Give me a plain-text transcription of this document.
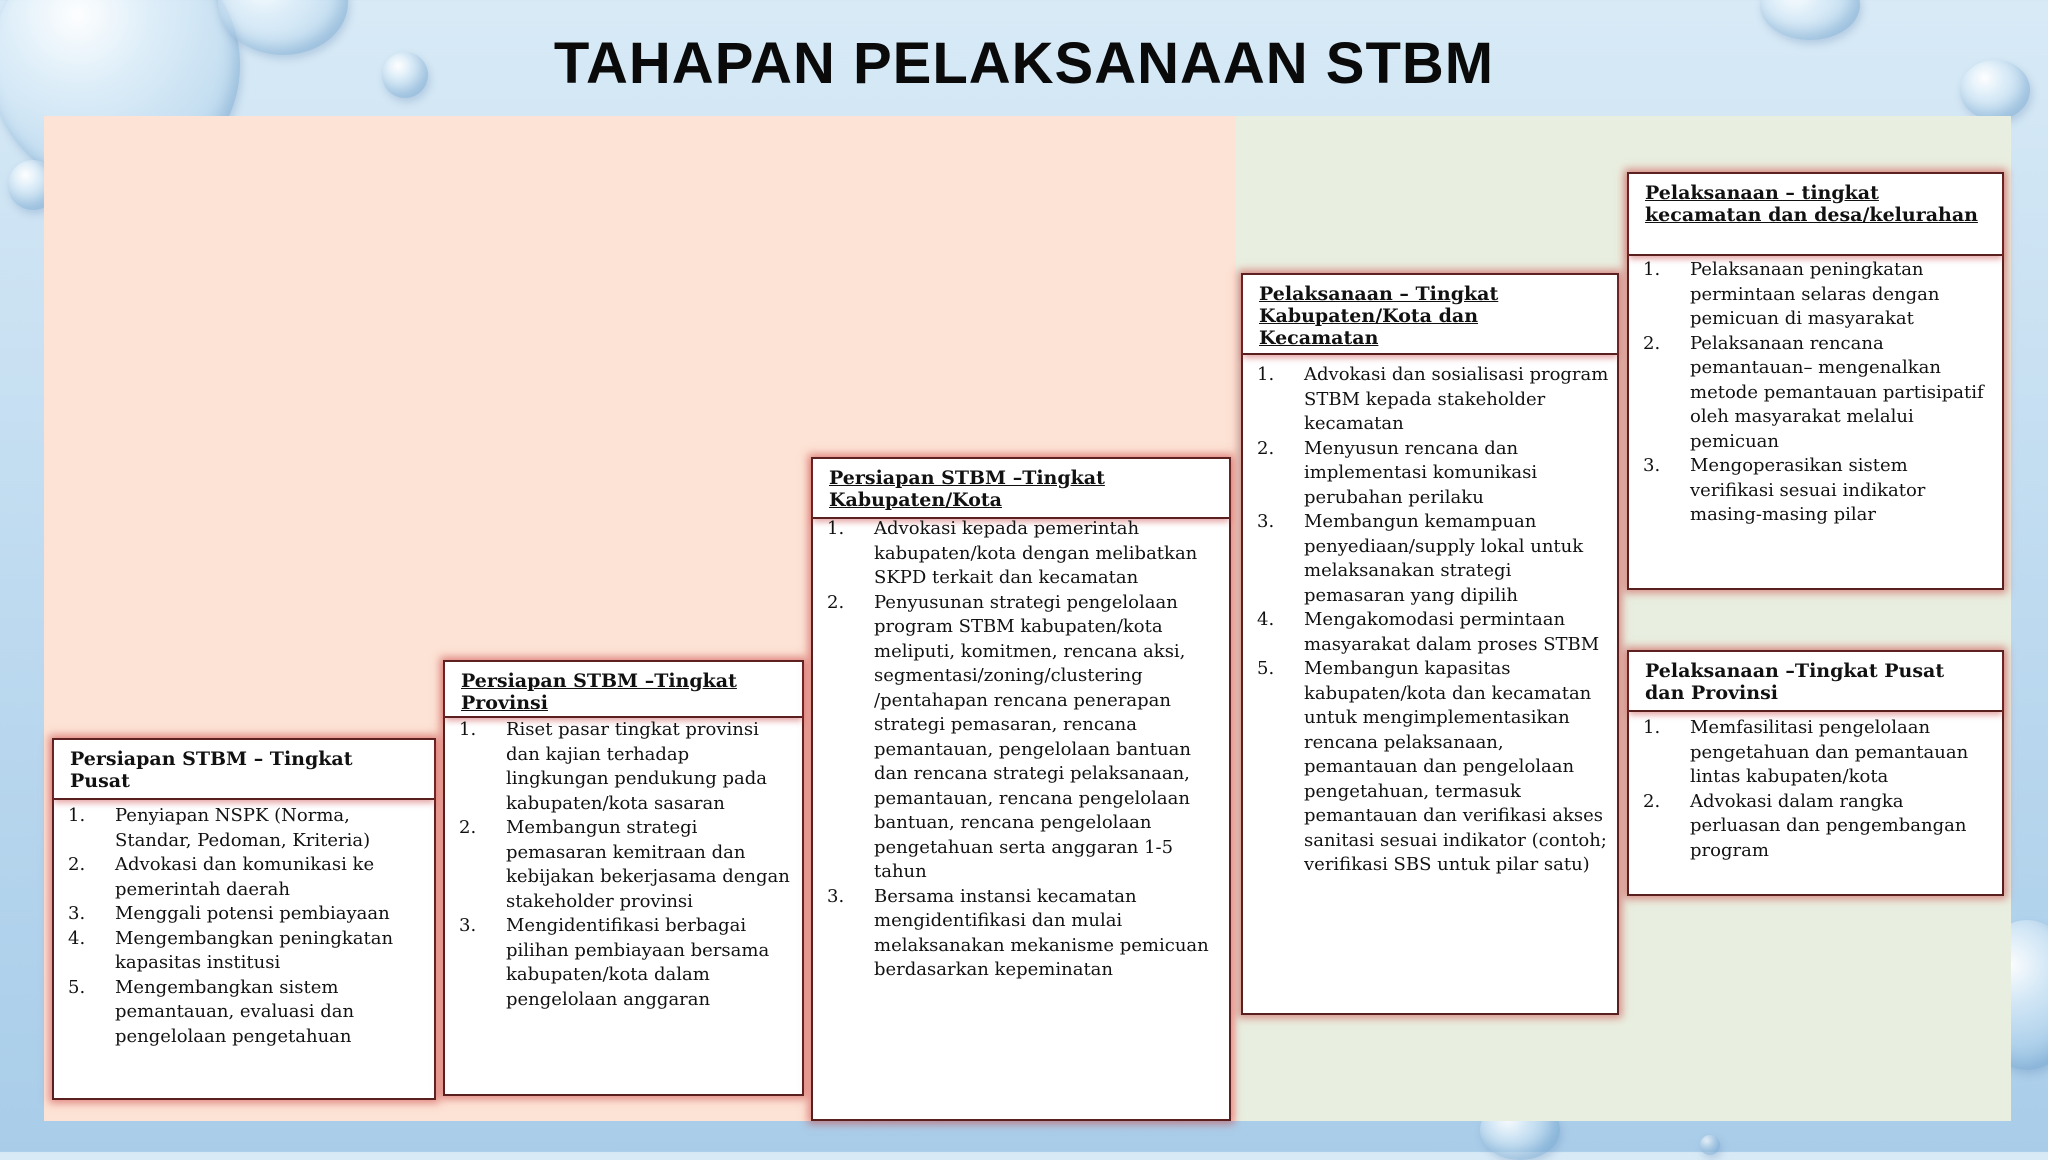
TAHAPAN PELAKSANAAN STBM
Persiapan STBM – Tingkat Pusat
1.	Penyiapan NSPK (Norma, Standar, Pedoman, Kriteria)
2.	Advokasi dan komunikasi ke pemerintah daerah
3.	Menggali potensi pembiayaan
4.	Mengembangkan peningkatan kapasitas institusi
5.	Mengembangkan sistem pemantauan, evaluasi dan pengelolaan pengetahuan
Persiapan STBM –Tingkat Provinsi
1.	Riset pasar tingkat provinsi dan kajian terhadap lingkungan pendukung pada kabupaten/kota sasaran
2.	Membangun strategi pemasaran kemitraan dan kebijakan bekerjasama dengan stakeholder provinsi
3.	Mengidentifikasi berbagai pilihan pembiayaan bersama kabupaten/kota dalam pengelolaan anggaran
Persiapan STBM –Tingkat Kabupaten/Kota
1.	Advokasi kepada pemerintah kabupaten/kota dengan melibatkan SKPD terkait dan kecamatan
2.	Penyusunan strategi pengelolaan program STBM kabupaten/kota meliputi, komitmen, rencana aksi, segmentasi/zoning/clustering /pentahapan rencana penerapan strategi pemasaran, rencana pemantauan, pengelolaan bantuan dan rencana strategi pelaksanaan, pemantauan, rencana pengelolaan bantuan, rencana pengelolaan pengetahuan serta anggaran 1-5 tahun
3.	Bersama instansi kecamatan mengidentifikasi dan mulai melaksanakan mekanisme pemicuan berdasarkan kepeminatan
Pelaksanaan – Tingkat Kabupaten/Kota dan Kecamatan
1.	Advokasi dan sosialisasi program STBM kepada stakeholder kecamatan
2.	Menyusun rencana dan implementasi komunikasi perubahan perilaku
3.	Membangun kemampuan penyediaan/supply lokal untuk melaksanakan strategi pemasaran yang dipilih
4.	Mengakomodasi permintaan masyarakat dalam proses STBM
5.	Membangun kapasitas kabupaten/kota dan kecamatan untuk mengimplementasikan rencana pelaksanaan, pemantauan dan pengelolaan pengetahuan, termasuk pemantauan dan verifikasi akses sanitasi sesuai indikator (contoh; verifikasi SBS untuk pilar satu)
Pelaksanaan – tingkat kecamatan dan desa/kelurahan
1.	Pelaksanaan peningkatan permintaan selaras dengan pemicuan di masyarakat
2.	Pelaksanaan rencana pemantauan– mengenalkan metode pemantauan partisipatif oleh masyarakat melalui pemicuan
3.	Mengoperasikan sistem verifikasi sesuai indikator masing-masing pilar
Pelaksanaan –Tingkat Pusat dan Provinsi
1.	Memfasilitasi pengelolaan pengetahuan dan pemantauan lintas kabupaten/kota
2.	Advokasi dalam rangka perluasan dan pengembangan program
